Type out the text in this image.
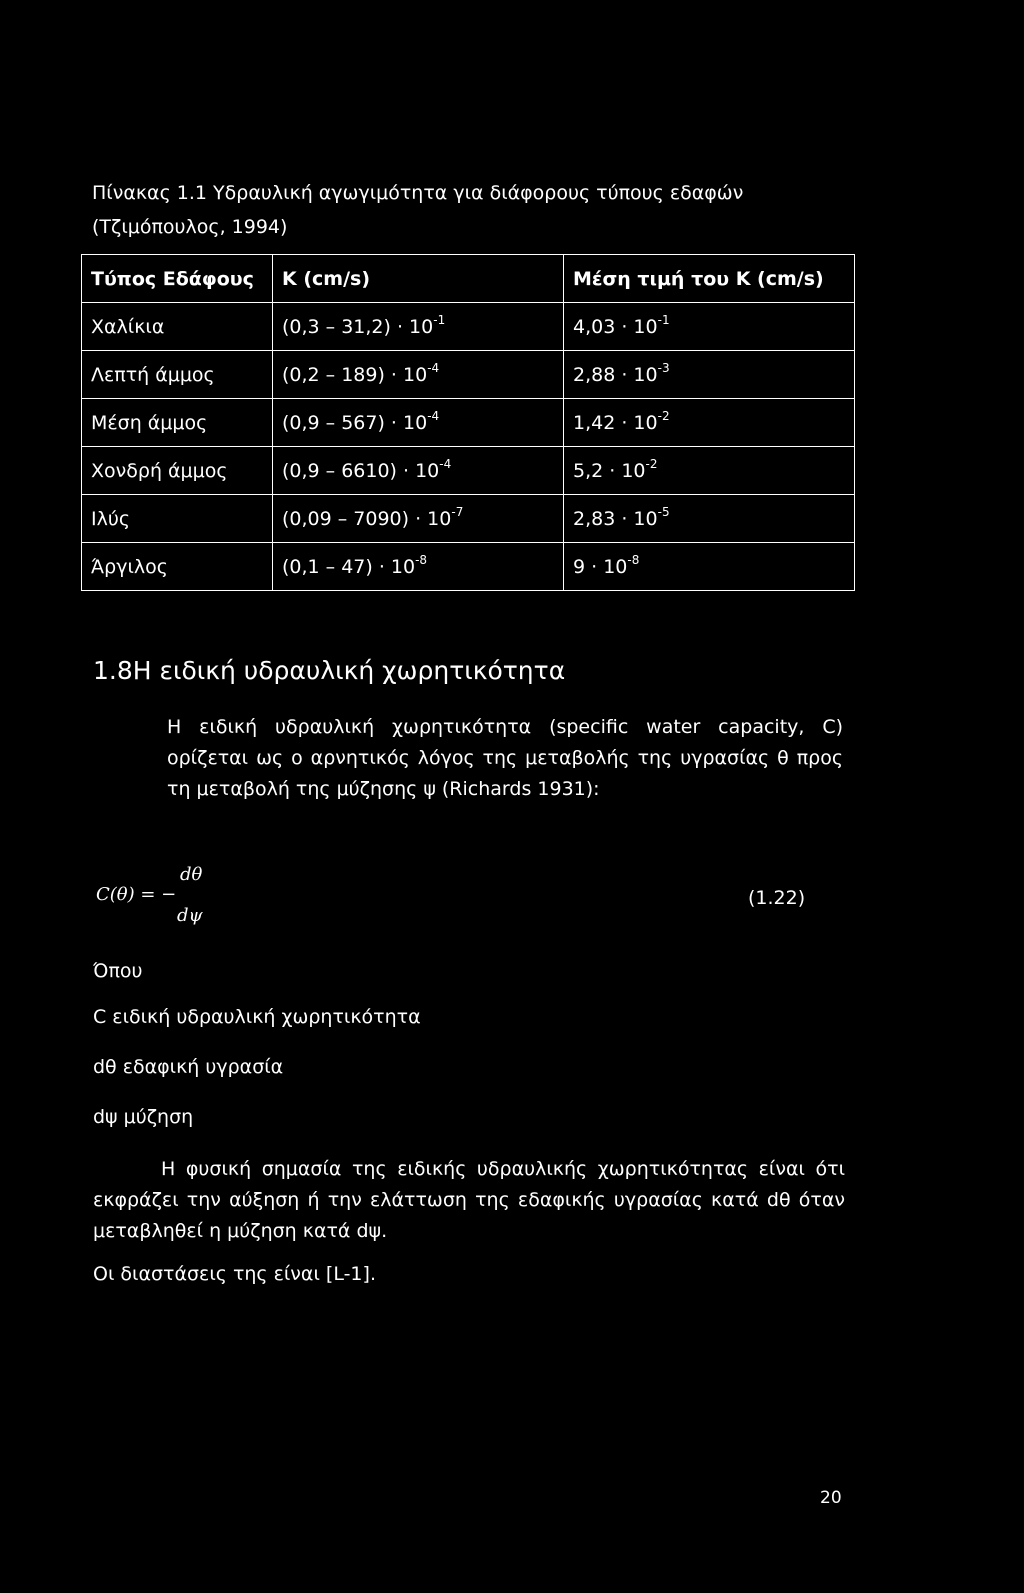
Πίνακας 1.1 Υδραυλική αγωγιμότητα για διάφορους τύπους εδαφών (Τζιμόπουλος, 1994)
Τύπος Εδάφους	K (cm/s)	Μέση τιμή του K (cm/s)
Χαλίκια	$(0,3 - 31,2) \cdot 10^{-1}$	$4,03 \cdot 10^{-1}$
Λεπτή άμμος	$(0,2 - 189) \cdot 10^{-4}$	$2,88 \cdot 10^{-3}$
Μέση άμμος	$(0,9 - 567) \cdot 10^{-4}$	$1,42 \cdot 10^{-2}$
Χονδρή άμμος	$(0,9 - 6610) \cdot 10^{-4}$	$5,2 \cdot 10^{-2}$
Ιλύς	$(0,09 - 7090) \cdot 10^{-7}$	$2,83 \cdot 10^{-5}$
Άργιλος	$(0,1 - 47) \cdot 10^{-8}$	$9 \cdot 10^{-8}$
1.8Η ειδική υδραυλική χωρητικότητα
Η ειδική υδραυλική χωρητικότητα (specific water capacity, C) ορίζεται ως ο αρνητικός λόγος της μεταβολής της υγρασίας θ προς τη μεταβολή της μύζησης ψ (Richards 1931):
C(θ) = −
dθ
dψ
(1.22)
Όπου
C ειδική υδραυλική χωρητικότητα
dθ εδαφική υγρασία
dψ μύζηση
Η φυσική σημασία της ειδικής υδραυλικής χωρητικότητας είναι ότι εκφράζει την αύξηση ή την ελάττωση της εδαφικής υγρασίας κατά dθ όταν μεταβληθεί η μύζηση κατά dψ.
Οι διαστάσεις της είναι [L-1].
20
